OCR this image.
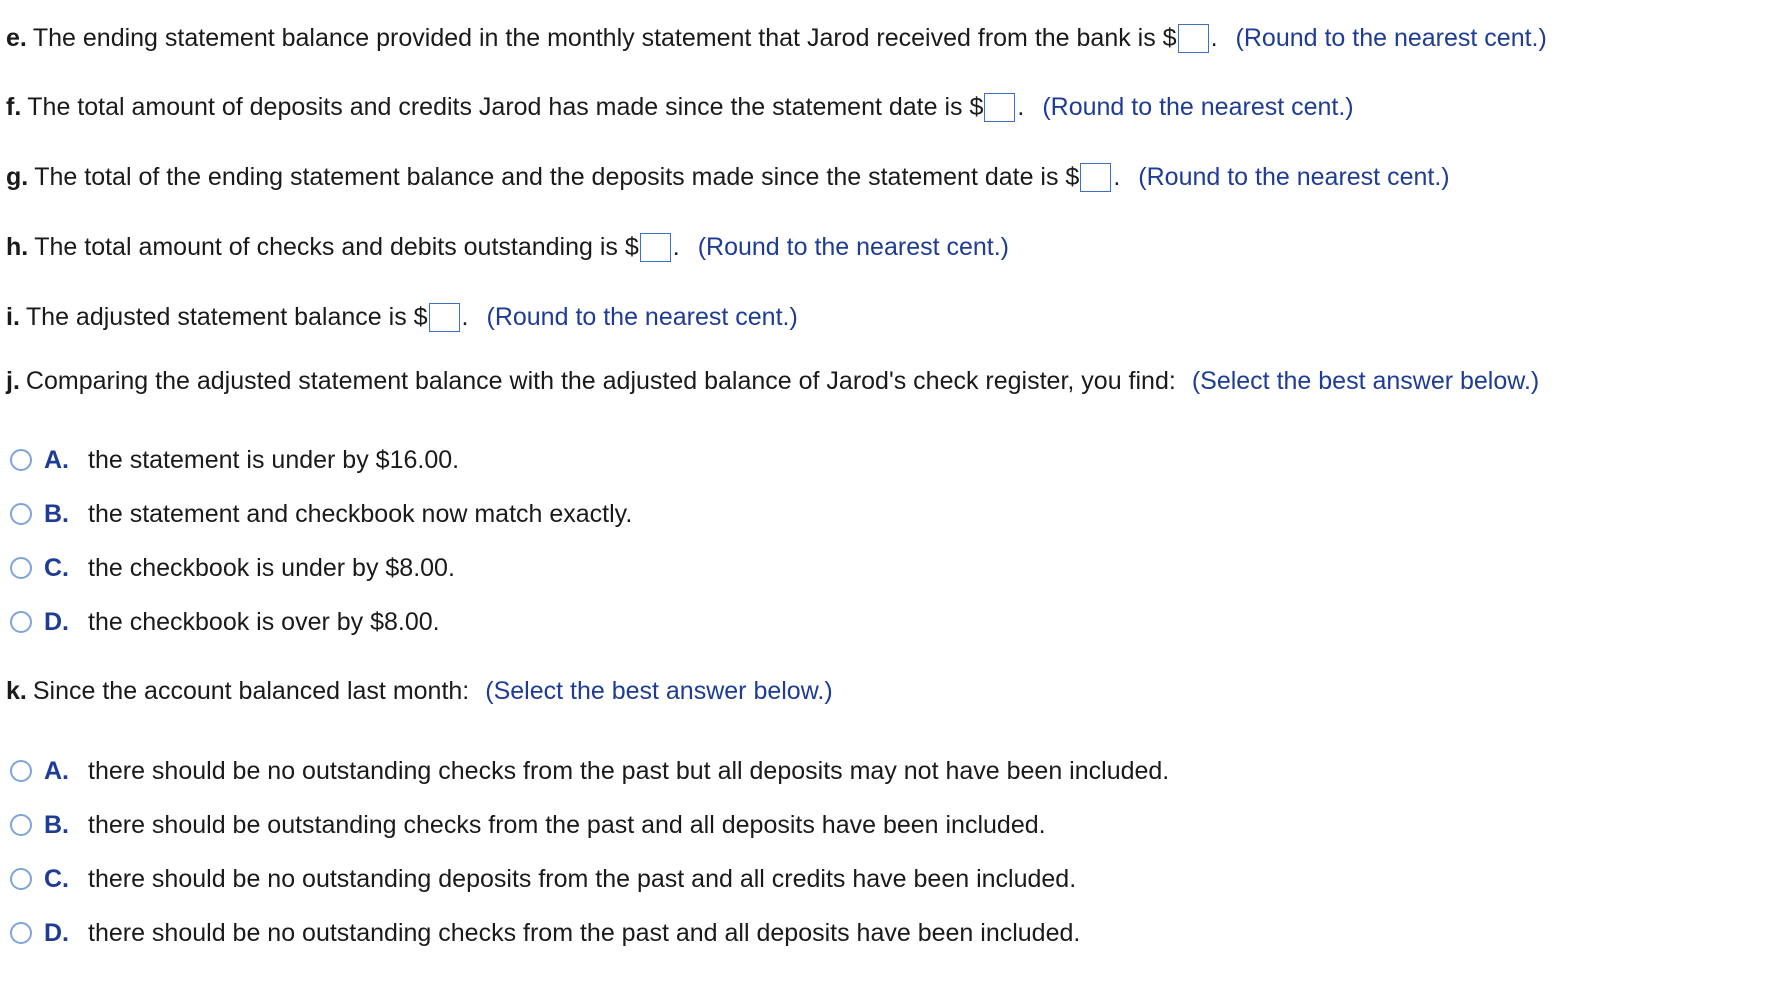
e. The ending statement balance provided in the monthly statement that Jarod received from the bank is $ . (Round to the nearest cent.)
f. The total amount of deposits and credits Jarod has made since the statement date is $ . (Round to the nearest cent.)
g. The total of the ending statement balance and the deposits made since the statement date is $ . (Round to the nearest cent.)
h. The total amount of checks and debits outstanding is $ . (Round to the nearest cent.)
i. The adjusted statement balance is $ . (Round to the nearest cent.)
j. Comparing the adjusted statement balance with the adjusted balance of Jarod's check register, you find: (Select the best answer below.)
A. the statement is under by $16.00.
B. the statement and checkbook now match exactly.
C. the checkbook is under by $8.00.
D. the checkbook is over by $8.00.
k. Since the account balanced last month: (Select the best answer below.)
A. there should be no outstanding checks from the past but all deposits may not have been included.
B. there should be outstanding checks from the past and all deposits have been included.
C. there should be no outstanding deposits from the past and all credits have been included.
D. there should be no outstanding checks from the past and all deposits have been included.
